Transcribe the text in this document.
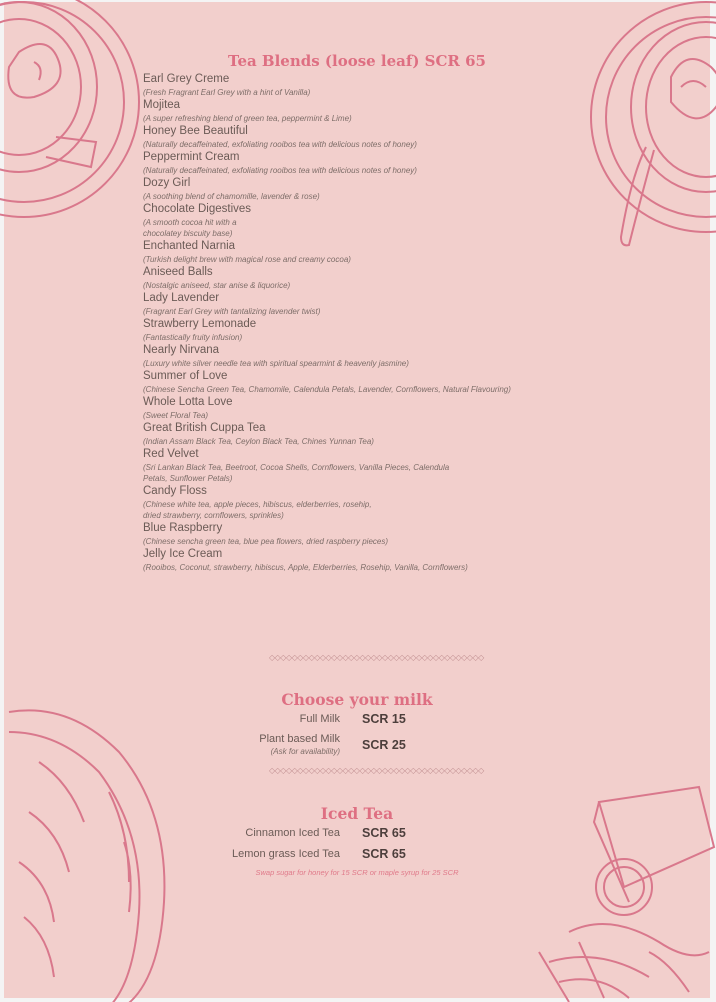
Tea Blends (loose leaf) SCR 65
Earl Grey Creme
(Fresh Fragrant Earl Grey with a hint of Vanilla)
Mojitea
(A super refreshing blend of green tea, peppermint & Lime)
Honey Bee Beautiful
(Naturally decaffeinated, exfoliating rooibos tea with delicious notes of honey)
Peppermint Cream
(Naturally decaffeinated, exfoliating rooibos tea with delicious notes of honey)
Dozy Girl
(A soothing blend of chamomille, lavender & rose)
Chocolate Digestives
(A smooth cocoa hit with a
chocolatey biscuity base)
Enchanted Narnia
(Turkish delight brew with magical rose and creamy cocoa)
Aniseed Balls
(Nostalgic aniseed, star anise & liquorice)
Lady Lavender
(Fragrant Earl Grey with tantalizing lavender twist)
Strawberry Lemonade
(Fantastically fruity infusion)
Nearly Nirvana
(Luxury white silver needle tea with spiritual spearmint & heavenly jasmine)
Summer of Love
(Chinese Sencha Green Tea, Chamomile, Calendula Petals, Lavender, Cornflowers, Natural Flavouring)
Whole Lotta Love
(Sweet Floral Tea)
Great British Cuppa Tea
(Indian Assam Black Tea, Ceylon Black Tea, Chines Yunnan Tea)
Red Velvet
(Sri Lankan Black Tea, Beetroot, Cocoa Shells, Cornflowers, Vanilla Pieces, Calendula
Petals, Sunflower Petals)
Candy Floss
(Chinese white tea, apple pieces, hibiscus, elderberries, rosehip,
dried strawberry, cornflowers, sprinkles)
Blue Raspberry
(Chinese sencha green tea, blue pea flowers, dried raspberry pieces)
Jelly Ice Cream
(Rooibos, Coconut, strawberry, hibiscus, Apple, Elderberries, Rosehip, Vanilla, Cornflowers)
◇◇◇◇◇◇◇◇◇◇◇◇◇◇◇◇◇◇◇◇◇◇◇◇◇◇◇◇◇◇◇◇◇◇◇◇◇◇
Choose your milk
Full Milk SCR 15
Plant based Milk
(Ask for availability) SCR 25
◇◇◇◇◇◇◇◇◇◇◇◇◇◇◇◇◇◇◇◇◇◇◇◇◇◇◇◇◇◇◇◇◇◇◇◇◇◇
Iced Tea
Cinnamon Iced Tea SCR 65
Lemon grass Iced Tea SCR 65
Swap sugar for honey for 15 SCR or maple syrup for 25 SCR
